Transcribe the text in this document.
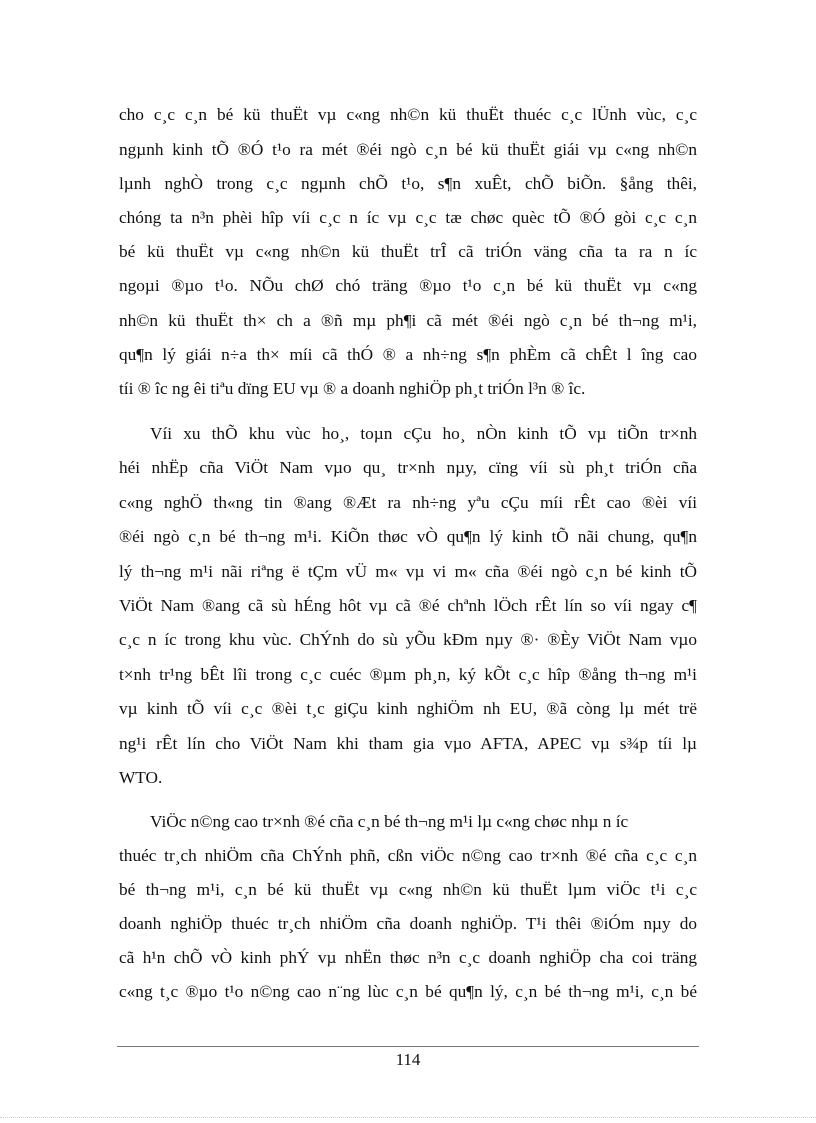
cho c¸c c¸n bé kü thuËt vµ c«ng nh©n kü thuËt thuéc c¸c lÜnh vùc, c¸c
ngµnh kinh tÕ ®Ó t¹o ra mét ®éi ngò c¸n bé kü thuËt giái vµ c«ng nh©n
lµnh nghÒ trong c¸c ngµnh chÕ t¹o, s¶n xuÊt, chÕ biÕn. §ång thêi,
chóng ta n³n phèi hîp víi c¸c n íc vµ c¸c tæ chøc quèc tÕ ®Ó gòi c¸c c¸n
bé kü thuËt vµ c«ng nh©n kü thuËt trÎ cã triÓn väng cña ta ra n íc
ngoµi ®µo t¹o. NÕu chØ chó träng ®µo t¹o c¸n bé kü thuËt vµ c«ng
nh©n kü thuËt th× ch a ®ñ mµ ph¶i cã mét ®éi ngò c¸n bé th¬ng m¹i,
qu¶n lý giái n÷a th× míi cã thÓ ® a nh÷ng s¶n phÈm cã chÊt l îng cao
tíi ® îc ng êi tiªu dïng EU vµ ® a doanh nghiÖp ph¸t triÓn l³n ® îc.
Víi xu thÕ khu vùc ho¸, toµn cÇu ho¸ nÒn kinh tÕ vµ tiÕn tr×nh
héi nhËp cña ViÖt Nam vµo qu¸ tr×nh nµy, cïng víi sù ph¸t triÓn cña
c«ng nghÖ th«ng tin ®ang ®Æt ra nh÷ng yªu cÇu míi rÊt cao ®èi víi
®éi ngò c¸n bé th¬ng m¹i. KiÕn thøc vÒ qu¶n lý kinh tÕ nãi chung, qu¶n
lý th¬ng m¹i nãi riªng ë tÇm vÜ m« vµ vi m« cña ®éi ngò c¸n bé kinh tÕ
ViÖt Nam ®ang cã sù hÉng hôt vµ cã ®é chªnh lÖch rÊt lín so víi ngay c¶
c¸c n íc trong khu vùc. ChÝnh do sù yÕu kÐm nµy ®· ®Èy ViÖt Nam vµo
t×nh tr¹ng bÊt lîi trong c¸c cuéc ®µm ph¸n, ký kÕt c¸c hîp ®ång th¬ng m¹i
vµ kinh tÕ víi c¸c ®èi t¸c giÇu kinh nghiÖm nh EU, ®ã còng lµ mét trë
ng¹i rÊt lín cho ViÖt Nam khi tham gia vµo AFTA, APEC vµ s¾p tíi lµ
WTO.
ViÖc n©ng cao tr×nh ®é cña c¸n bé th¬ng m¹i lµ c«ng chøc nhµ n íc
thuéc tr¸ch nhiÖm cña ChÝnh phñ, cßn viÖc n©ng cao tr×nh ®é cña c¸c c¸n
bé th¬ng m¹i, c¸n bé kü thuËt vµ c«ng nh©n kü thuËt lµm viÖc t¹i c¸c
doanh nghiÖp thuéc tr¸ch nhiÖm cña doanh nghiÖp. T¹i thêi ®iÓm nµy do
cã h¹n chÕ vÒ kinh phÝ vµ nhËn thøc n³n c¸c doanh nghiÖp cha coi träng
c«ng t¸c ®µo t¹o n©ng cao n¨ng lùc c¸n bé qu¶n lý, c¸n bé th¬ng m¹i, c¸n bé
114
